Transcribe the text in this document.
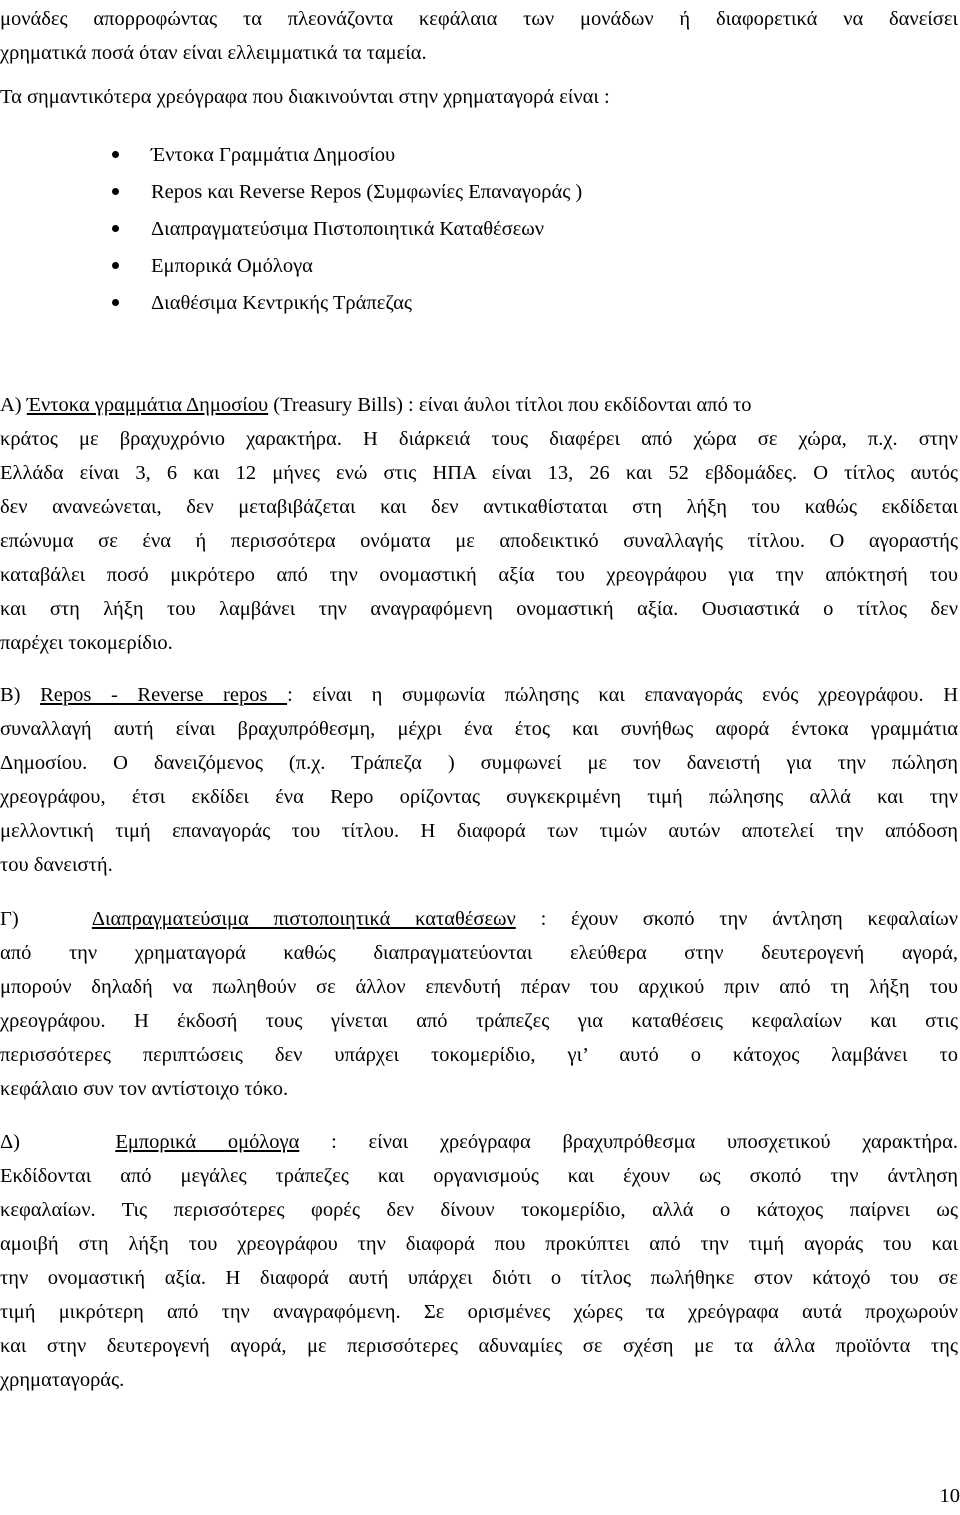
μονάδες απορροφώντας τα πλεονάζοντα κεφάλαια των μονάδων ή διαφορετικά να δανείσει
χρηματικά ποσά όταν είναι ελλειμματικά τα ταμεία.
Τα σημαντικότερα χρεόγραφα που διακινούνται στην χρηματαγορά είναι :
Έντοκα Γραμμάτια Δημοσίου
Repos και Reverse Repos (Συμφωνίες Επαναγοράς )
Διαπραγματεύσιμα Πιστοποιητικά Καταθέσεων
Εμπορικά Ομόλογα
Διαθέσιμα Κεντρικής Τράπεζας
Α) Έντοκα γραμμάτια Δημοσίου (Treasury Bills) : είναι άυλοι τίτλοι που εκδίδονται από το
κράτος με βραχυχρόνιο χαρακτήρα. Η διάρκειά τους διαφέρει από χώρα σε χώρα, π.χ. στην
Ελλάδα είναι 3, 6 και 12 μήνες ενώ στις ΗΠΑ είναι 13, 26 και 52 εβδομάδες. Ο τίτλος αυτός
δεν ανανεώνεται, δεν μεταβιβάζεται και δεν αντικαθίσταται στη λήξη του καθώς εκδίδεται
επώνυμα σε ένα ή περισσότερα ονόματα με αποδεικτικό συναλλαγής τίτλου. Ο αγοραστής
καταβάλει ποσό μικρότερο από την ονομαστική αξία του χρεογράφου για την απόκτησή του
και στη λήξη του λαμβάνει την αναγραφόμενη ονομαστική αξία. Ουσιαστικά ο τίτλος δεν
παρέχει τοκομερίδιο.
Β) Repos - Reverse repos : είναι η συμφωνία πώλησης και επαναγοράς ενός χρεογράφου. Η
συναλλαγή αυτή είναι βραχυπρόθεσμη, μέχρι ένα έτος και συνήθως αφορά έντοκα γραμμάτια
Δημοσίου. Ο δανειζόμενος (π.χ. Τράπεζα ) συμφωνεί με τον δανειστή για την πώληση
χρεογράφου, έτσι εκδίδει ένα Repo ορίζοντας συγκεκριμένη τιμή πώλησης αλλά και την
μελλοντική τιμή επαναγοράς του τίτλου. Η διαφορά των τιμών αυτών αποτελεί την απόδοση
του δανειστή.
Γ)   Διαπραγματεύσιμα πιστοποιητικά καταθέσεων : έχουν σκοπό την άντληση κεφαλαίων
από την χρηματαγορά καθώς διαπραγματεύονται ελεύθερα στην δευτερογενή αγορά,
μπορούν δηλαδή να πωληθούν σε άλλον επενδυτή πέραν του αρχικού πριν από τη λήξη του
χρεογράφου. Η έκδοσή τους γίνεται από τράπεζες για καταθέσεις κεφαλαίων και στις
περισσότερες περιπτώσεις δεν υπάρχει τοκομερίδιο, γι’ αυτό ο κάτοχος λαμβάνει το
κεφάλαιο συν τον αντίστοιχο τόκο.
Δ)   Εμπορικά ομόλογα : είναι χρεόγραφα βραχυπρόθεσμα υποσχετικού χαρακτήρα.
Εκδίδονται από μεγάλες τράπεζες και οργανισμούς και έχουν ως σκοπό την άντληση
κεφαλαίων. Τις περισσότερες φορές δεν δίνουν τοκομερίδιο, αλλά ο κάτοχος παίρνει ως
αμοιβή στη λήξη του χρεογράφου την διαφορά που προκύπτει από την τιμή αγοράς του και
την ονομαστική αξία. Η διαφορά αυτή υπάρχει διότι ο τίτλος πωλήθηκε στον κάτοχό του σε
τιμή μικρότερη από την αναγραφόμενη. Σε ορισμένες χώρες τα χρεόγραφα αυτά προχωρούν
και στην δευτερογενή αγορά, με περισσότερες αδυναμίες σε σχέση με τα άλλα προϊόντα της
χρηματαγοράς.
10
